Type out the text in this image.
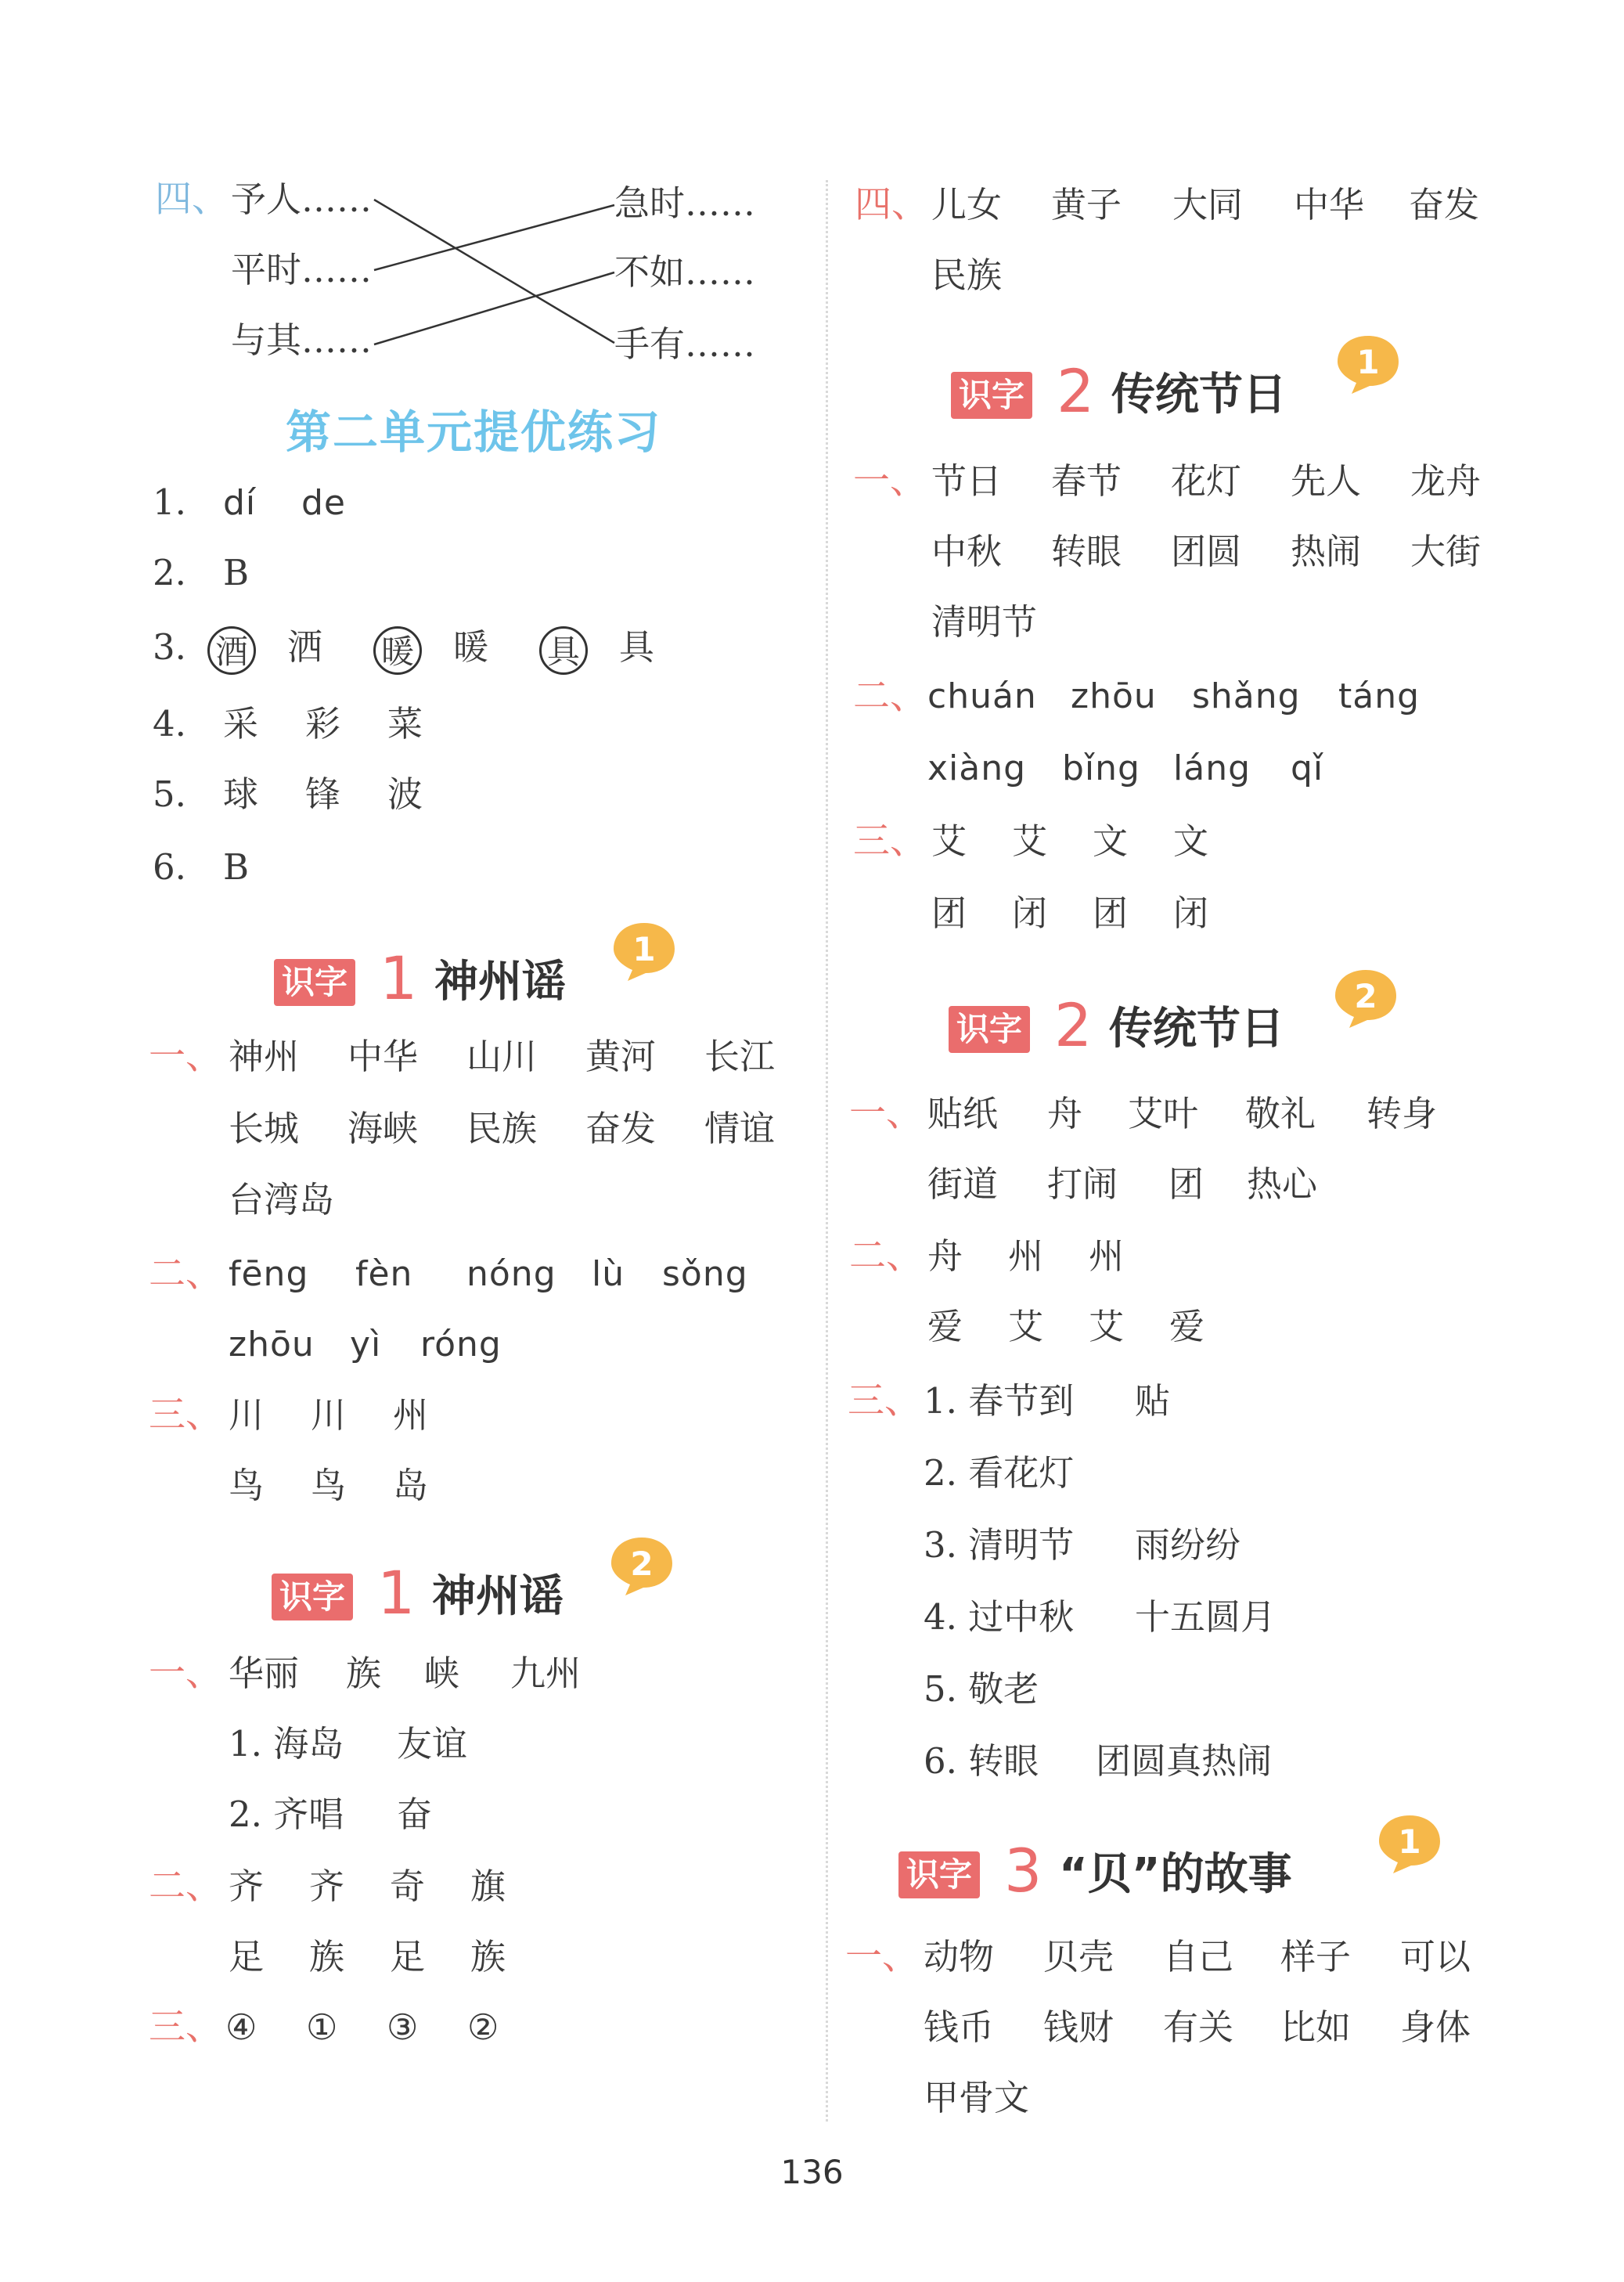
四、 予人……
平时……
与其……
急时……
不如……
手有……
第二单元提优练习
1. dí de
2. B
3. 酒 洒 暖 暖 具 具
4. 采 彩 菜
5. 球 锋 波
6. B
识字 1 神州谣
1
一、 神州 中华 山川 黄河 长江
长城 海峡 民族 奋发 情谊
台湾岛
二、 fēng fèn nóng lù sǒng
zhōu yì róng
三、 川 川 州
鸟 鸟 岛
识字 1 神州谣
2
一、 华丽 族 峡 九州
1. 海岛 友谊
2. 齐唱 奋
二、 齐 齐 奇 旗
足 族 足 族
三、 ④ ① ③ ②
四、 儿女 黄子 大同 中华 奋发
民族
识字 2 传统节日
1
一、 节日 春节 花灯 先人 龙舟
中秋 转眼 团圆 热闹 大街
清明节
二、 chuán zhōu shǎng táng
xiàng bǐng láng qǐ
三、 艾 艾 文 文
团 闭 团 闭
识字 2 传统节日
2
一、 贴纸 舟 艾叶 敬礼 转身
街道 打闹 团 热心
二、 舟 州 州
爱 艾 艾 爱
三、 1. 春节到 贴
2. 看花灯
3. 清明节 雨纷纷
4. 过中秋 十五圆月
5. 敬老
6. 转眼 团圆真热闹
识字 3 “贝”的故事
1
一、 动物 贝壳 自己 样子 可以
钱币 钱财 有关 比如 身体
甲骨文
136
